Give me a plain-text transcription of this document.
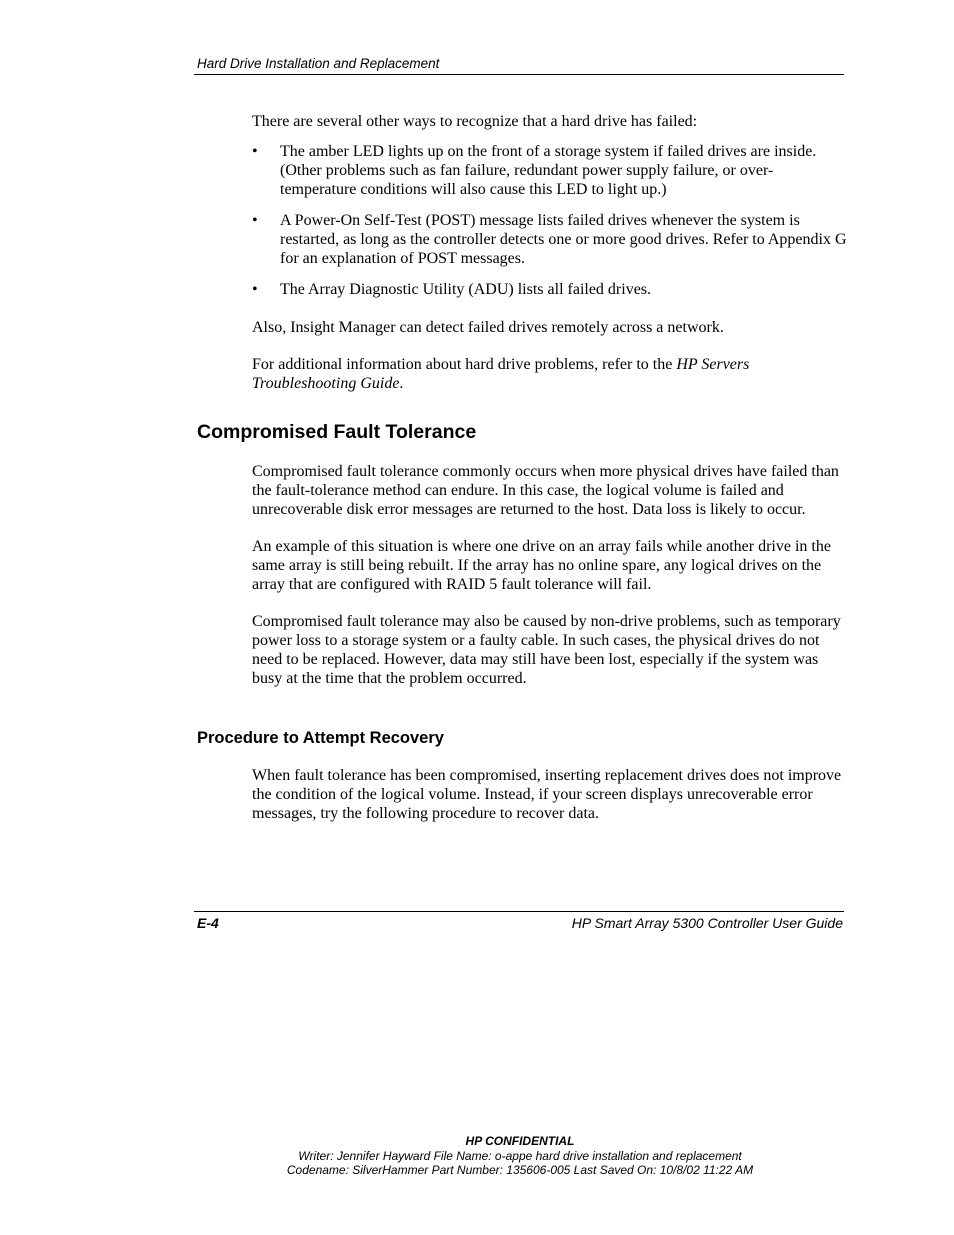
Hard Drive Installation and Replacement

There are several other ways to recognize that a hard drive has failed:

• The amber LED lights up on the front of a storage system if failed drives are inside. (Other problems such as fan failure, redundant power supply failure, or over-temperature conditions will also cause this LED to light up.)
• A Power-On Self-Test (POST) message lists failed drives whenever the system is restarted, as long as the controller detects one or more good drives. Refer to Appendix G for an explanation of POST messages.
• The Array Diagnostic Utility (ADU) lists all failed drives.

Also, Insight Manager can detect failed drives remotely across a network.

For additional information about hard drive problems, refer to the HP Servers Troubleshooting Guide.

Compromised Fault Tolerance

Compromised fault tolerance commonly occurs when more physical drives have failed than the fault-tolerance method can endure. In this case, the logical volume is failed and unrecoverable disk error messages are returned to the host. Data loss is likely to occur.

An example of this situation is where one drive on an array fails while another drive in the same array is still being rebuilt. If the array has no online spare, any logical drives on the array that are configured with RAID 5 fault tolerance will fail.

Compromised fault tolerance may also be caused by non-drive problems, such as temporary power loss to a storage system or a faulty cable. In such cases, the physical drives do not need to be replaced. However, data may still have been lost, especially if the system was busy at the time that the problem occurred.

Procedure to Attempt Recovery

When fault tolerance has been compromised, inserting replacement drives does not improve the condition of the logical volume. Instead, if your screen displays unrecoverable error messages, try the following procedure to recover data.

E-4	HP Smart Array 5300 Controller User Guide
HP CONFIDENTIAL
Writer: Jennifer Hayward File Name: o-appe hard drive installation and replacement
Codename: SilverHammer Part Number: 135606-005 Last Saved On: 10/8/02 11:22 AM
